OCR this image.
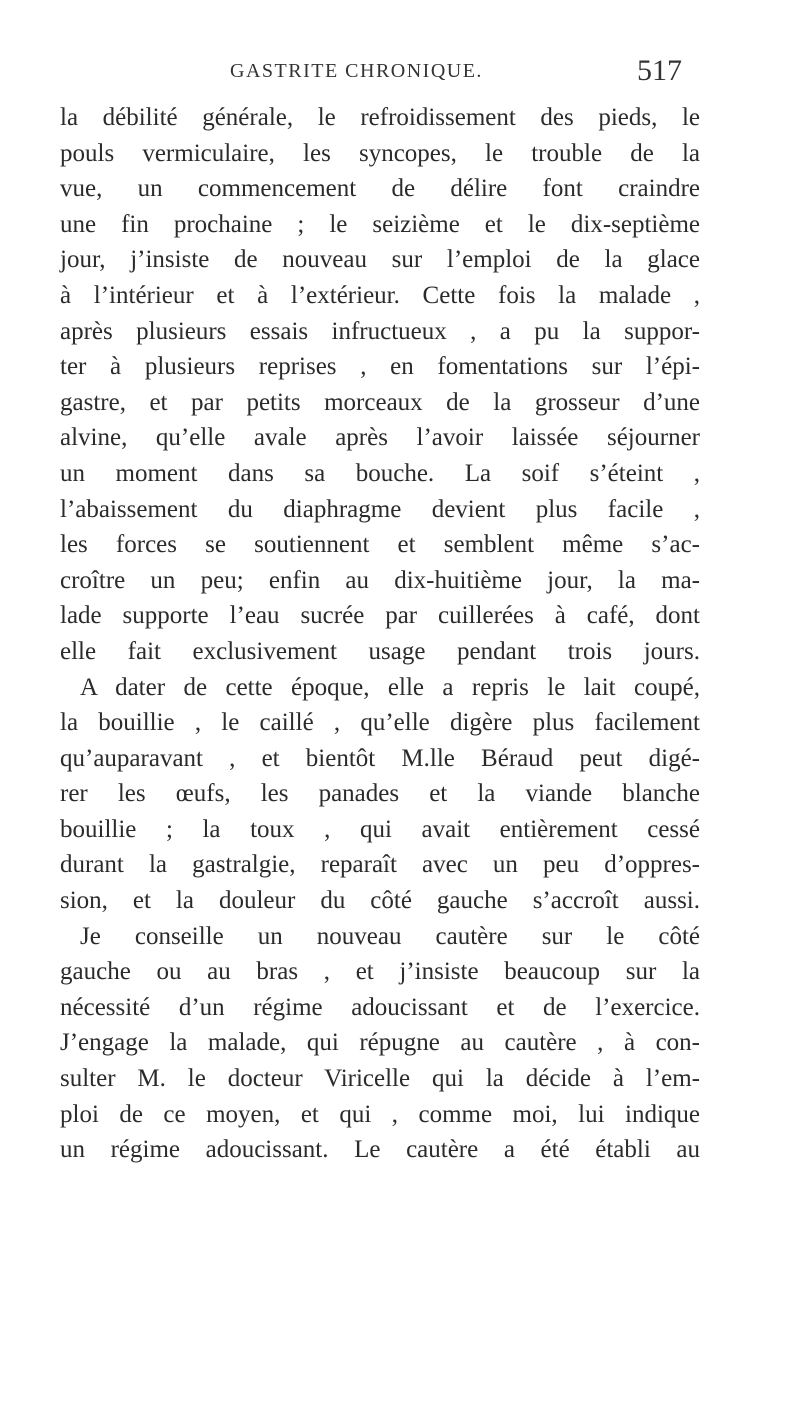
GASTRITE CHRONIQUE.	517
la débilité générale, le refroidissement des pieds, le
pouls vermiculaire, les syncopes, le trouble de la
vue, un commencement de délire font craindre
une fin prochaine ; le seizième et le dix-septième
jour, j’insiste de nouveau sur l’emploi de la glace
à l’intérieur et à l’extérieur. Cette fois la malade ,
après plusieurs essais infructueux , a pu la suppor-
ter à plusieurs reprises , en fomentations sur l’épi-
gastre, et par petits morceaux de la grosseur d’une
alvine, qu’elle avale après l’avoir laissée séjourner
un moment dans sa bouche. La soif s’éteint ,
l’abaissement du diaphragme devient plus facile ,
les forces se soutiennent et semblent même s’ac-
croître un peu; enfin au dix-huitième jour, la ma-
lade supporte l’eau sucrée par cuillerées à café, dont
elle fait exclusivement usage pendant trois jours.
A dater de cette époque, elle a repris le lait coupé,
la bouillie , le caillé , qu’elle digère plus facilement
qu’auparavant , et bientôt M.lle Béraud peut digé-
rer les œufs, les panades et la viande blanche
bouillie ; la toux , qui avait entièrement cessé
durant la gastralgie, reparaît avec un peu d’oppres-
sion, et la douleur du côté gauche s’accroît aussi.
Je conseille un nouveau cautère sur le côté
gauche ou au bras , et j’insiste beaucoup sur la
nécessité d’un régime adoucissant et de l’exercice.
J’engage la malade, qui répugne au cautère , à con-
sulter M. le docteur Viricelle qui la décide à l’em-
ploi de ce moyen, et qui , comme moi, lui indique
un régime adoucissant. Le cautère a été établi au
